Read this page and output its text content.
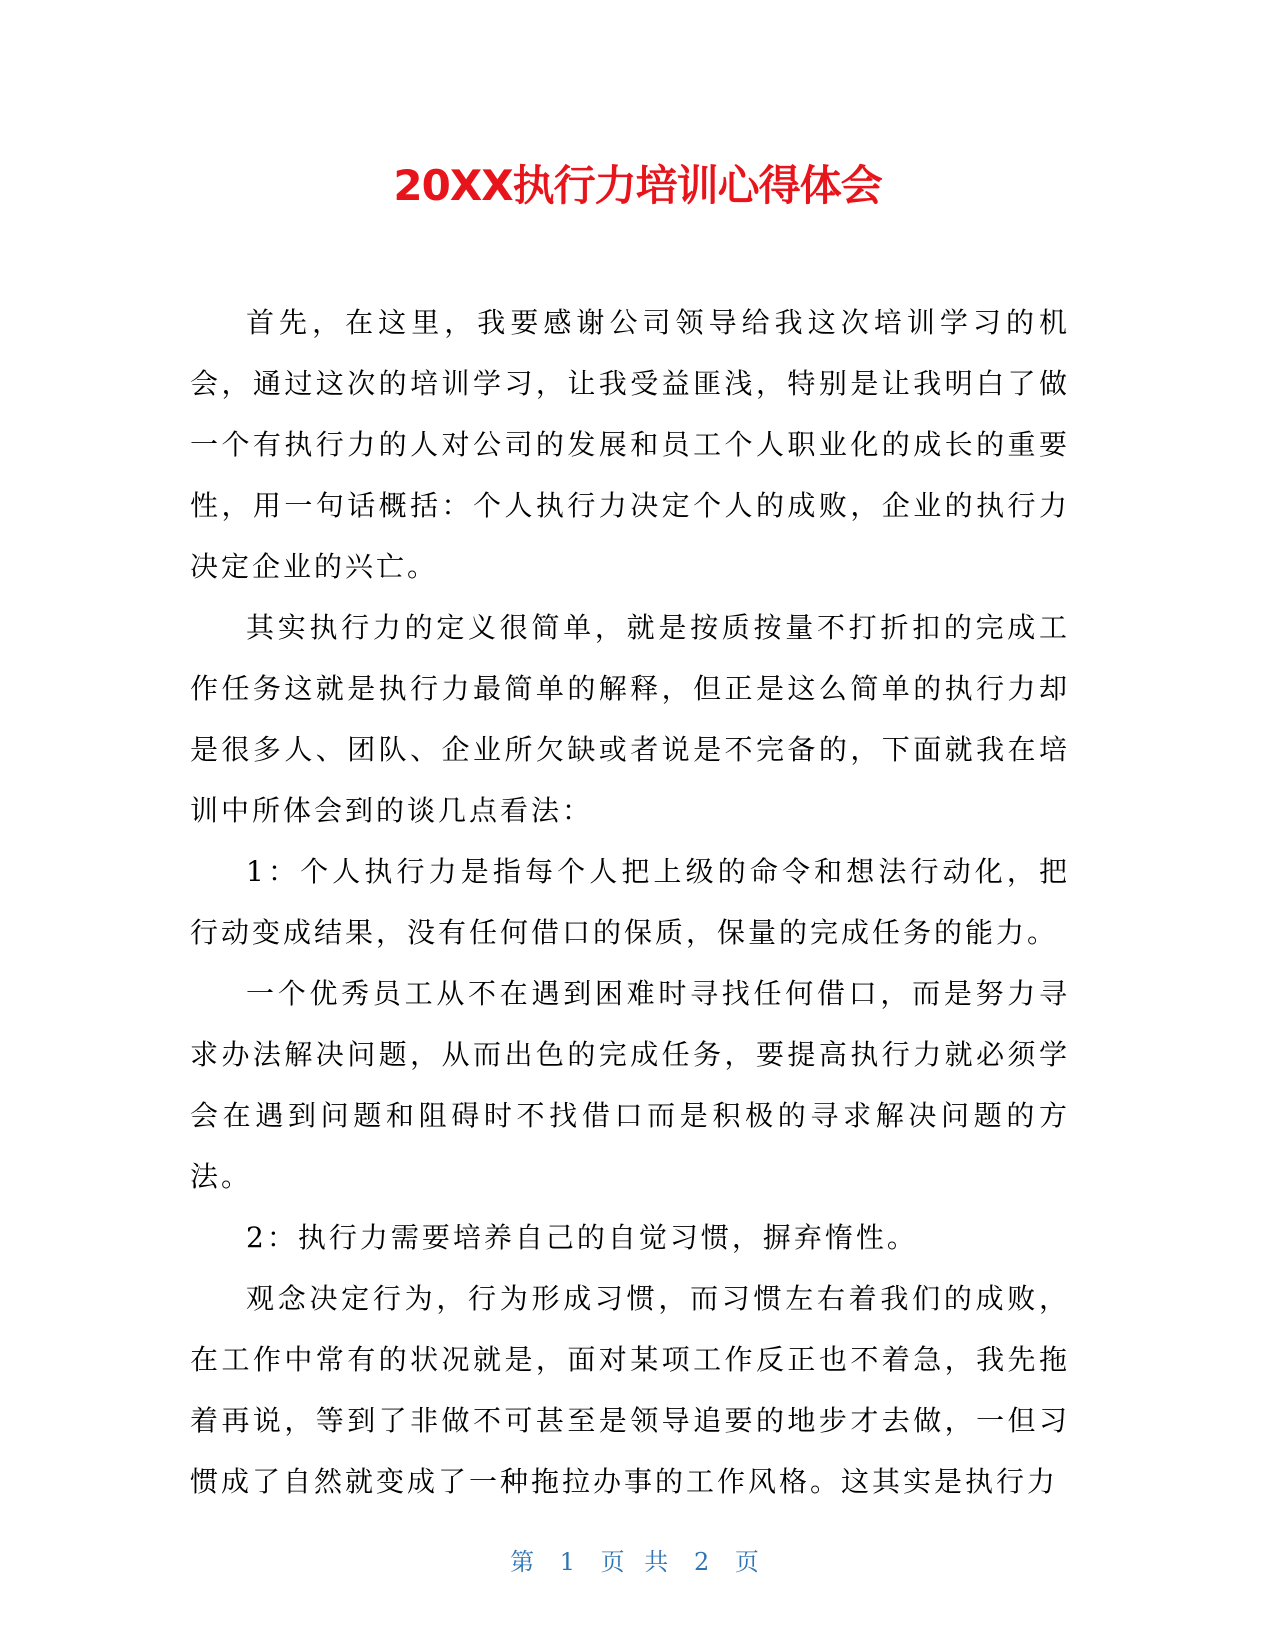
20XX执行力培训心得体会

首先，在这里，我要感谢公司领导给我这次培训学习的机会，通过这次的培训学习，让我受益匪浅，特别是让我明白了做一个有执行力的人对公司的发展和员工个人职业化的成长的重要性，用一句话概括：个人执行力决定个人的成败，企业的执行力决定企业的兴亡。

其实执行力的定义很简单，就是按质按量不打折扣的完成工作任务这就是执行力最简单的解释，但正是这么简单的执行力却是很多人、团队、企业所欠缺或者说是不完备的，下面就我在培训中所体会到的谈几点看法：

1：个人执行力是指每个人把上级的命令和想法行动化，把行动变成结果，没有任何借口的保质，保量的完成任务的能力。

一个优秀员工从不在遇到困难时寻找任何借口，而是努力寻求办法解决问题，从而出色的完成任务，要提高执行力就必须学会在遇到问题和阻碍时不找借口而是积极的寻求解决问题的方法。

2：执行力需要培养自己的自觉习惯，摒弃惰性。

观念决定行为，行为形成习惯，而习惯左右着我们的成败，在工作中常有的状况就是，面对某项工作反正也不着急，我先拖着再说，等到了非做不可甚至是领导追要的地步才去做，一但习惯成了自然就变成了一种拖拉办事的工作风格。这其实是执行力

第 1 页 共 2 页
